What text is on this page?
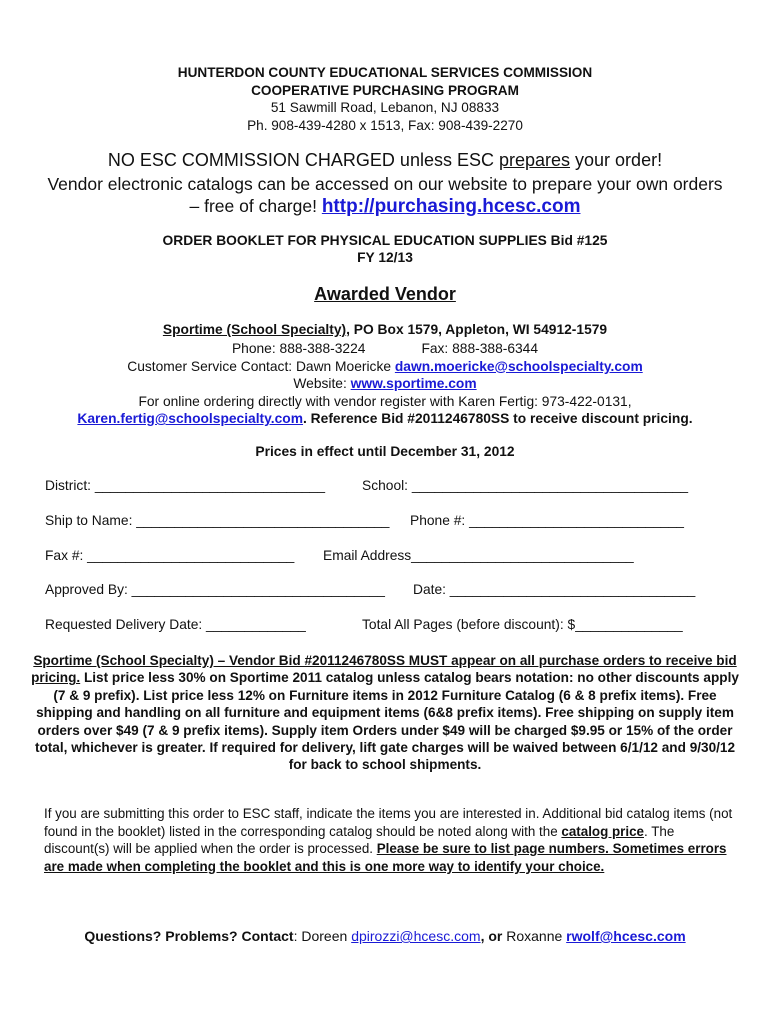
HUNTERDON COUNTY EDUCATIONAL SERVICES COMMISSION
COOPERATIVE PURCHASING PROGRAM
51 Sawmill Road, Lebanon, NJ 08833
Ph. 908-439-4280 x 1513, Fax: 908-439-2270
NO ESC COMMISSION CHARGED unless ESC prepares your order!
Vendor electronic catalogs can be accessed on our website to prepare your own orders
– free of charge! http://purchasing.hcesc.com
ORDER BOOKLET FOR PHYSICAL EDUCATION SUPPLIES Bid #125
FY 12/13
Awarded Vendor
Sportime (School Specialty), PO Box 1579, Appleton, WI 54912-1579
Phone: 888-388-3224	Fax: 888-388-6344
Customer Service Contact: Dawn Moericke dawn.moericke@schoolspecialty.com
Website: www.sportime.com
For online ordering directly with vendor register with Karen Fertig: 973-422-0131,
Karen.fertig@schoolspecialty.com. Reference Bid #2011246780SS to receive discount pricing.
Prices in effect until December 31, 2012
District: ______________________________	School: ____________________________________
Ship to Name: _________________________________ Phone #: ____________________________
Fax #: ___________________________ Email Address_____________________________
Approved By: _________________________________ Date: ________________________________
Requested Delivery Date: _____________	Total All Pages (before discount): $______________
Sportime (School Specialty) – Vendor Bid #2011246780SS MUST appear on all purchase orders to receive bid pricing. List price less 30% on Sportime 2011 catalog unless catalog bears notation: no other discounts apply (7 & 9 prefix). List price less 12% on Furniture items in 2012 Furniture Catalog (6 & 8 prefix items). Free shipping and handling on all furniture and equipment items (6&8 prefix items). Free shipping on supply item orders over $49 (7 & 9 prefix items). Supply item Orders under $49 will be charged $9.95 or 15% of the order total, whichever is greater. If required for delivery, lift gate charges will be waived between 6/1/12 and 9/30/12 for back to school shipments.
If you are submitting this order to ESC staff, indicate the items you are interested in. Additional bid catalog items (not found in the booklet) listed in the corresponding catalog should be noted along with the catalog price. The discount(s) will be applied when the order is processed. Please be sure to list page numbers. Sometimes errors are made when completing the booklet and this is one more way to identify your choice.
Questions? Problems? Contact: Doreen dpirozzi@hcesc.com, or Roxanne rwolf@hcesc.com
